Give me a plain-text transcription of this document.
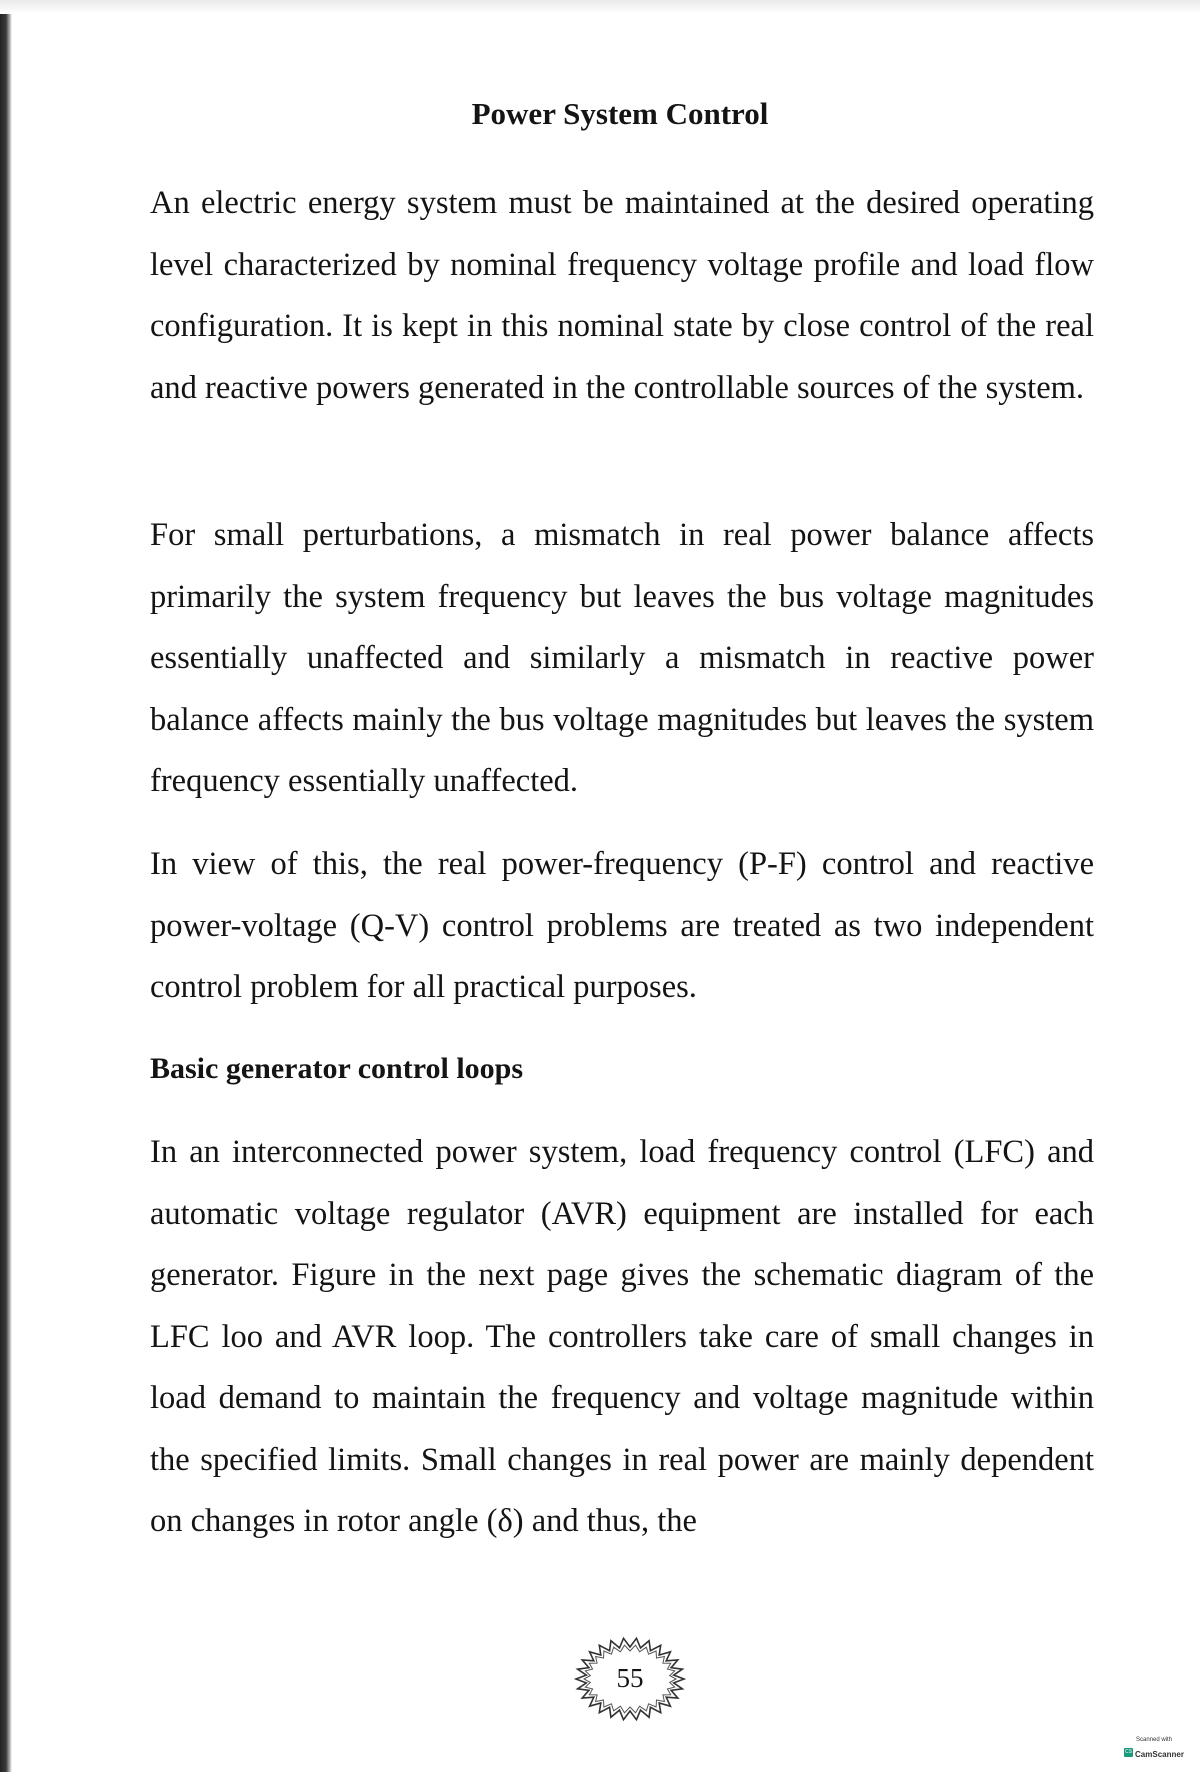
Power System Control

An electric energy system must be maintained at the desired operating level characterized by nominal frequency voltage profile and load flow configuration. It is kept in this nominal state by close control of the real and reactive powers generated in the controllable sources of the system.

For small perturbations, a mismatch in real power balance affects primarily the system frequency but leaves the bus voltage magnitudes essentially unaffected and similarly a mismatch in reactive power balance affects mainly the bus voltage magnitudes but leaves the system frequency essentially unaffected.

In view of this, the real power-frequency (P-F) control and reactive power-voltage (Q-V) control problems are treated as two independent control problem for all practical purposes.

Basic generator control loops

In an interconnected power system, load frequency control (LFC) and automatic voltage regulator (AVR) equipment are installed for each generator. Figure in the next page gives the schematic diagram of the LFC loo and AVR loop. The controllers take care of small changes in load demand to maintain the frequency and voltage magnitude within the specified limits. Small changes in real power are mainly dependent on changes in rotor angle (δ) and thus, the

55
Scanned with
CS CamScanner
